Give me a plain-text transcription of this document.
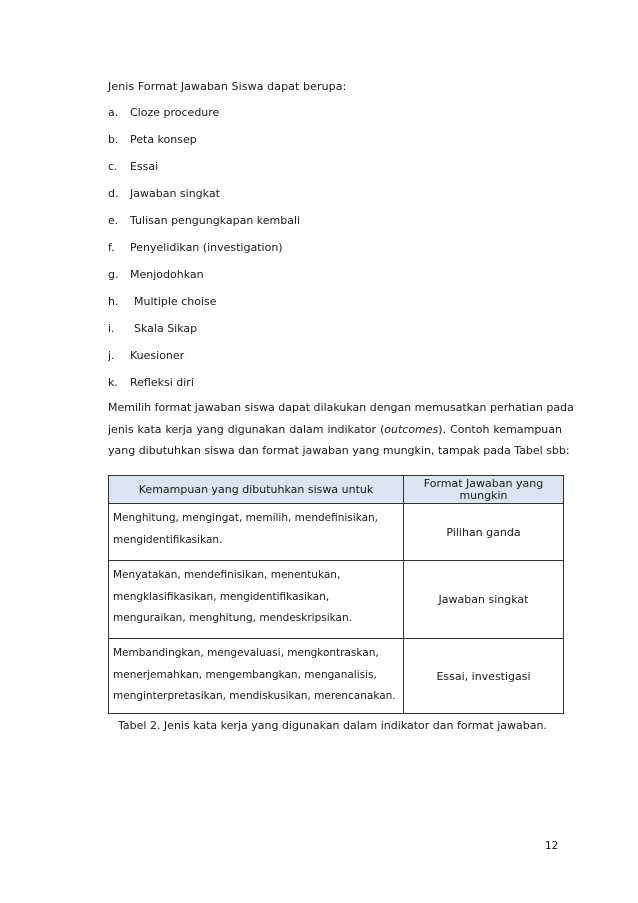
Jenis Format Jawaban Siswa dapat berupa:
a.	Cloze procedure
b.	Peta konsep
c.	Essai
d.	Jawaban singkat
e.	Tulisan pengungkapan kembali
f.	Penyelidikan (investigation)
g.	Menjodohkan
h.	Multiple choise
i.	Skala Sikap
j.	Kuesioner
k.	Refleksi diri

Memilih format jawaban siswa dapat dilakukan dengan memusatkan perhatian pada
jenis kata kerja yang digunakan dalam indikator (outcomes). Contoh kemampuan
yang dibutuhkan siswa dan format jawaban yang mungkin, tampak pada Tabel sbb:

Kemampuan yang dibutuhkan siswa untuk	Format Jawaban yang
mungkin

Menghitung, mengingat, memilih, mendefinisikan,
mengidentifikasikan.	Pilihan ganda

Menyatakan, mendefinisikan, menentukan,
mengklasifikasikan, mengidentifikasikan,
menguraikan, menghitung, mendeskripsikan.	Jawaban singkat

Membandingkan, mengevaluasi, mengkontraskan,
menerjemahkan, mengembangkan, menganalisis,
menginterpretasikan, mendiskusikan, merencanakan.	Essai, investigasi
Tabel 2. Jenis kata kerja yang digunakan dalam indikator dan format jawaban.
12
